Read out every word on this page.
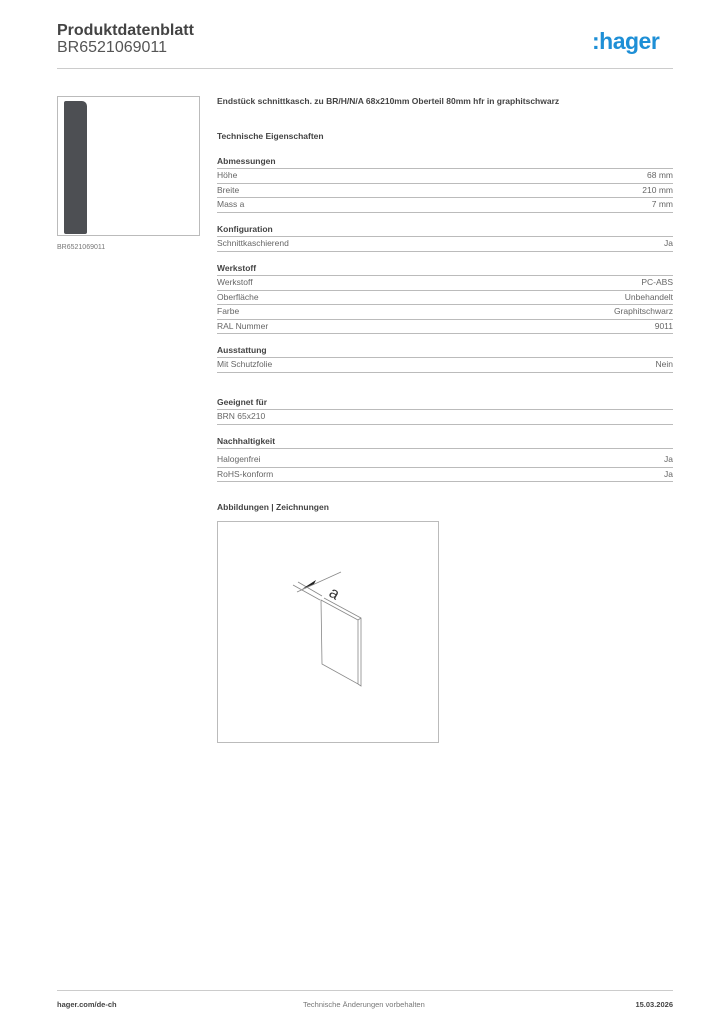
Produktdatenblatt
BR6521069011	:hager
BR6521069011
Endstück schnittkasch. zu BR/H/N/A 68x210mm Oberteil 80mm hfr in graphitschwarz
Technische Eigenschaften
Abmessungen
Höhe	68 mm
Breite	210 mm
Mass a	7 mm
Konfiguration
Schnittkaschierend	Ja
Werkstoff
Werkstoff	PC-ABS
Oberfläche	Unbehandelt
Farbe	Graphitschwarz
RAL Nummer	9011
Ausstattung
Mit Schutzfolie	Nein
Geeignet für
BRN 65x210
Nachhaltigkeit
Halogenfrei	Ja
RoHS-konform	Ja
Abbildungen | Zeichnungen
a
hager.com/de-ch	Technische Änderungen vorbehalten	15.03.2026
